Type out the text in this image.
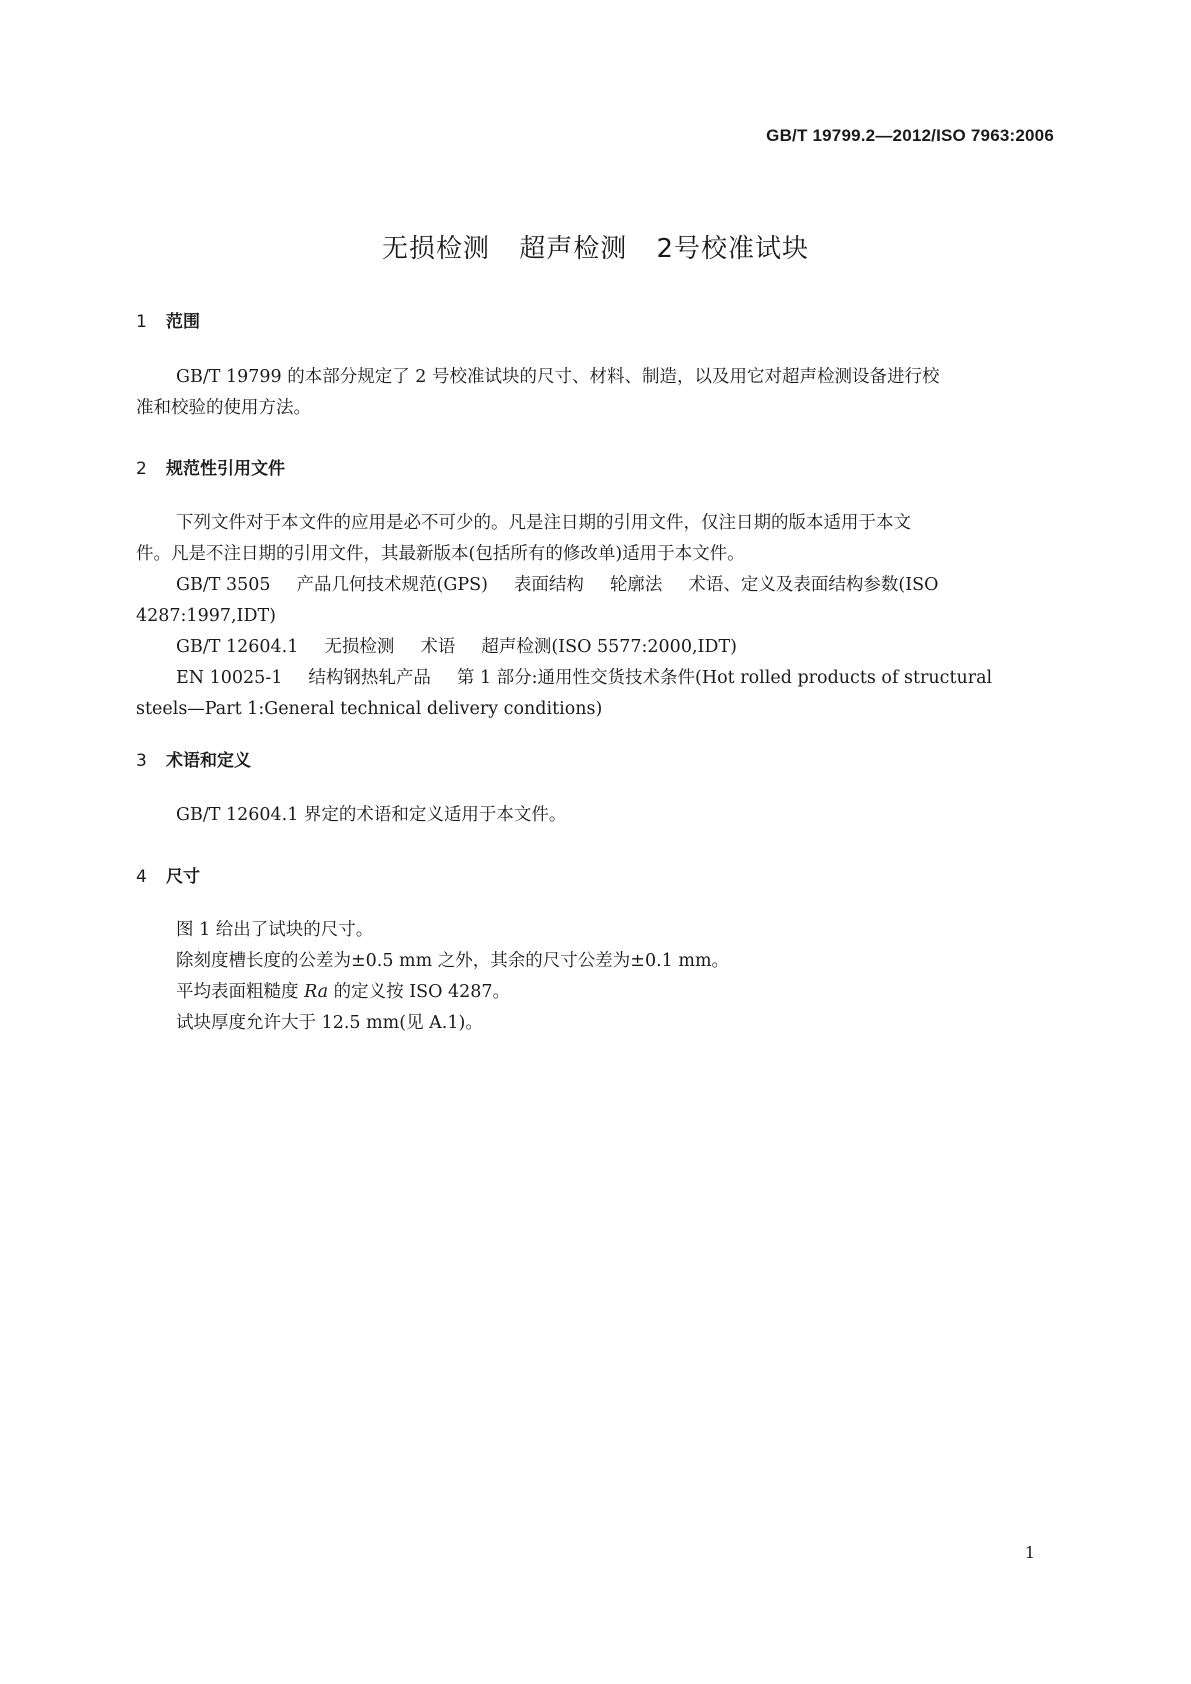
GB/T 19799.2—2012/ISO 7963:2006
无损检测 超声检测 2号校准试块
1 范围
GB/T 19799 的本部分规定了 2 号校准试块的尺寸、材料、制造，以及用它对超声检测设备进行校
准和校验的使用方法。
2 规范性引用文件
下列文件对于本文件的应用是必不可少的。凡是注日期的引用文件，仅注日期的版本适用于本文
件。凡是不注日期的引用文件，其最新版本(包括所有的修改单)适用于本文件。
GB/T 3505 产品几何技术规范(GPS) 表面结构 轮廓法 术语、定义及表面结构参数(ISO
4287:1997,IDT)
GB/T 12604.1 无损检测 术语 超声检测(ISO 5577:2000,IDT)
EN 10025-1 结构钢热轧产品 第 1 部分:通用性交货技术条件(Hot rolled products of structural
steels—Part 1:General technical delivery conditions)
3 术语和定义
GB/T 12604.1 界定的术语和定义适用于本文件。
4 尺寸
图 1 给出了试块的尺寸。
除刻度槽长度的公差为±0.5 mm 之外，其余的尺寸公差为±0.1 mm。
平均表面粗糙度 Ra 的定义按 ISO 4287。
试块厚度允许大于 12.5 mm(见 A.1)。
1
